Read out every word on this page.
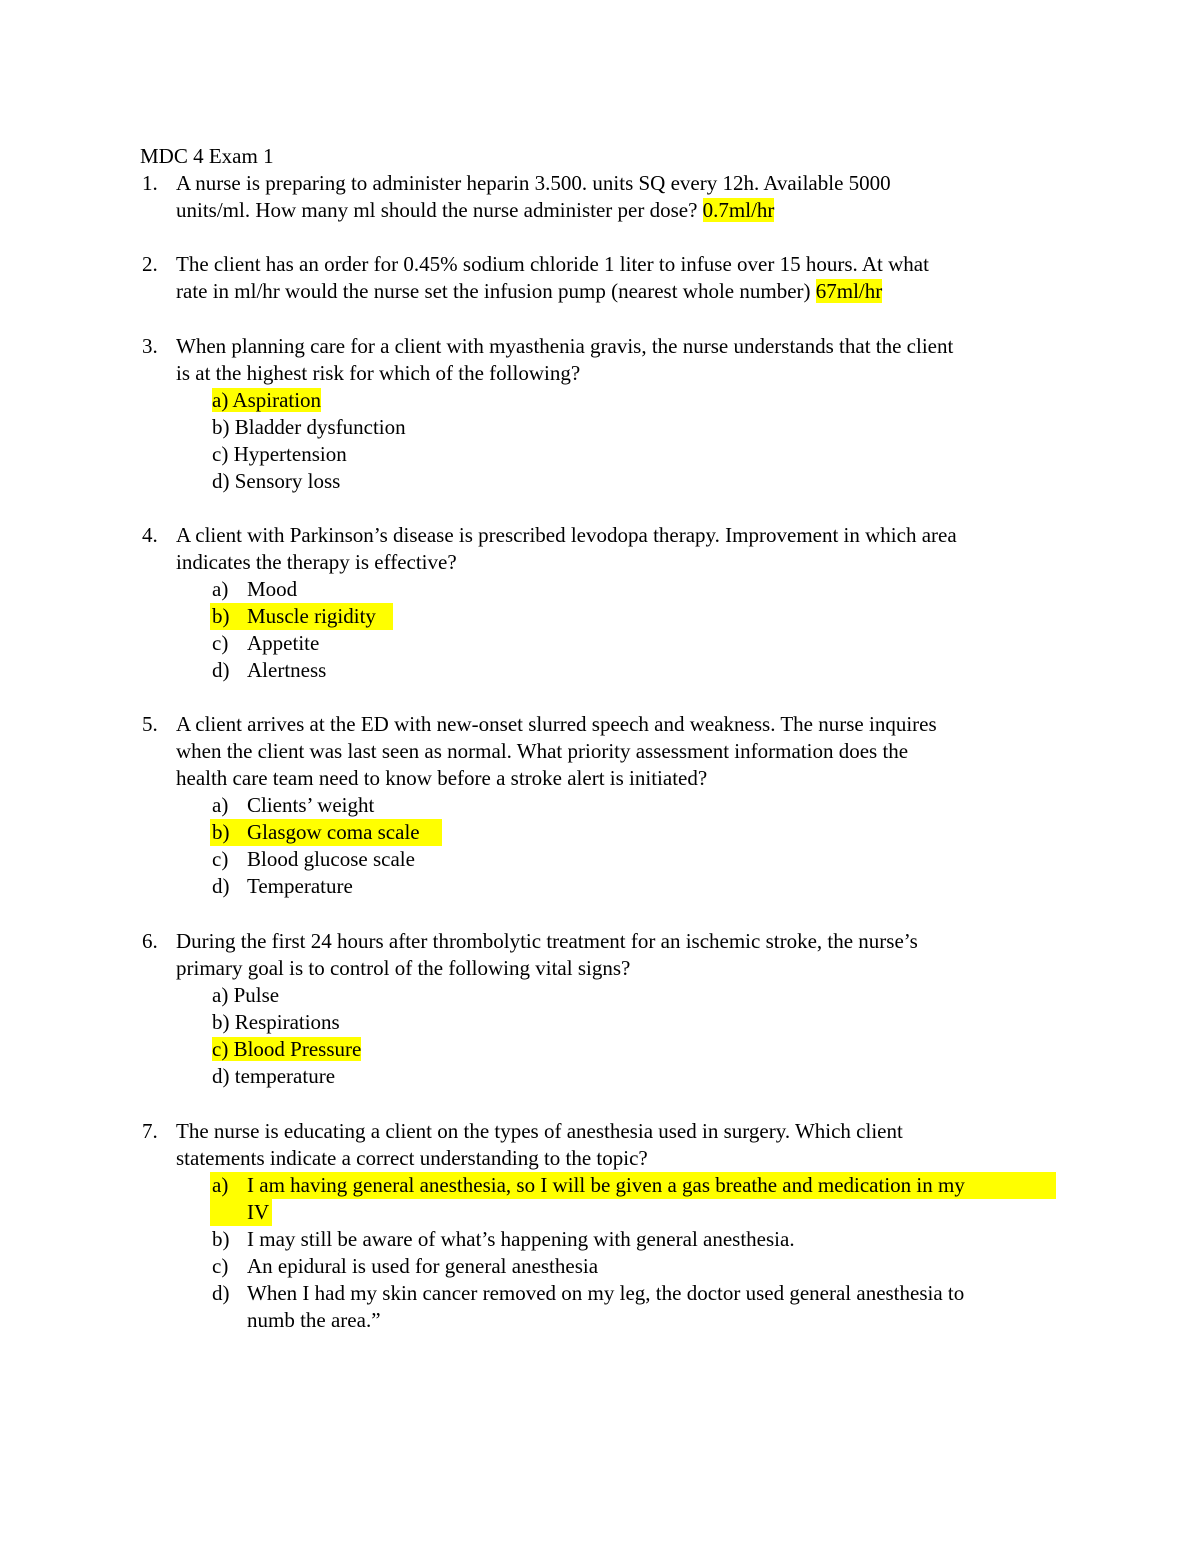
MDC 4 Exam 1
1. A nurse is preparing to administer heparin 3.500. units SQ every 12h. Available 5000
units/ml. How many ml should the nurse administer per dose? 0.7ml/hr
2. The client has an order for 0.45% sodium chloride 1 liter to infuse over 15 hours. At what
rate in ml/hr would the nurse set the infusion pump (nearest whole number) 67ml/hr
3. When planning care for a client with myasthenia gravis, the nurse understands that the client
is at the highest risk for which of the following?
a) Aspiration
b) Bladder dysfunction
c) Hypertension
d) Sensory loss
4. A client with Parkinson’s disease is prescribed levodopa therapy. Improvement in which area
indicates the therapy is effective?
a) Mood
b) Muscle rigidity
c) Appetite
d) Alertness
5. A client arrives at the ED with new-onset slurred speech and weakness. The nurse inquires
when the client was last seen as normal. What priority assessment information does the
health care team need to know before a stroke alert is initiated?
a) Clients’ weight
b) Glasgow coma scale
c) Blood glucose scale
d) Temperature
6. During the first 24 hours after thrombolytic treatment for an ischemic stroke, the nurse’s
primary goal is to control of the following vital signs?
a) Pulse
b) Respirations
c) Blood Pressure
d) temperature
7. The nurse is educating a client on the types of anesthesia used in surgery. Which client
statements indicate a correct understanding to the topic?
a) I am having general anesthesia, so I will be given a gas breathe and medication in my
IV
b) I may still be aware of what’s happening with general anesthesia.
c) An epidural is used for general anesthesia
d) When I had my skin cancer removed on my leg, the doctor used general anesthesia to
numb the area.”
